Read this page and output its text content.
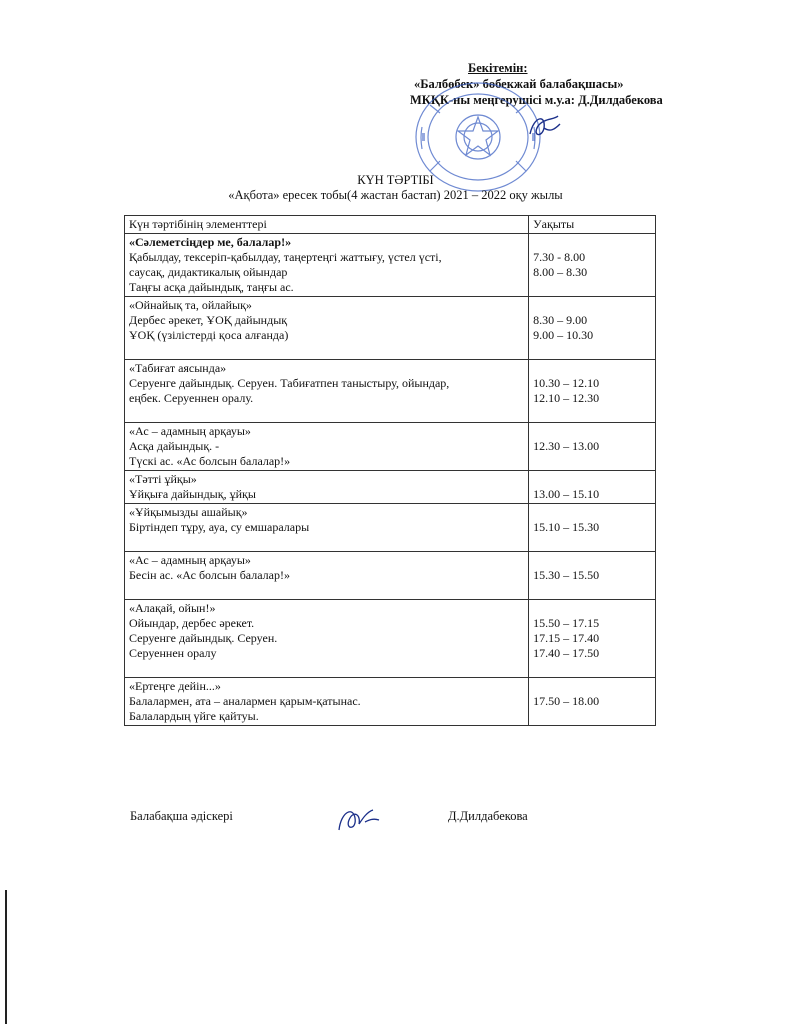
Бекітемін:
«Балбөбек» бөбекжай балабақшасы»
МКҚК-ны меңгерушісі м.у.а: Д.Дилдабекова
КҮН ТӘРТІБІ
«Ақбота» ересек тобы(4 жастан бастап) 2021 – 2022 оқу жылы
Күн тәртібінің элементтері	Уақыты

«Сәлеметсіңдер ме, балалар!»
Қабылдау, тексеріп-қабылдау, таңертеңгі жаттығу, үстел үсті,
саусақ, дидактикалық ойындар
Таңғы асқа дайындық, таңғы ас.	7.30 - 8.00
8.00 – 8.30

«Ойнайық та, ойлайық»
Дербес әрекет, ҰОҚ дайындық
ҰОҚ (үзілістерді қоса алғанда)	8.30 – 9.00
9.00 – 10.30

«Табиғат аясында»
Серуенге дайындық. Серуен. Табиғатпен таныстыру, ойындар,
еңбек. Серуеннен оралу.	10.30 – 12.10
12.10 – 12.30

«Ас – адамның арқауы»
Асқа дайындық. -
Түскі ас. «Ас болсын балалар!»	12.30 – 13.00

«Тәтті ұйқы»
Ұйқыға дайындық, ұйқы	13.00 – 15.10

«Ұйқымызды ашайық»
Біртіндеп тұру, ауа, су емшаралары	15.10 – 15.30

«Ас – адамның арқауы»
Бесін ас. «Ас болсын балалар!»	15.30 – 15.50

«Алақай, ойын!»
Ойындар, дербес әрекет.
Серуенге дайындық. Серуен.
Серуеннен оралу	15.50 – 17.15
17.15 – 17.40
17.40 – 17.50

«Ертеңге дейін...»
Балалармен, ата – аналармен қарым-қатынас.
Балалардың үйге қайтуы.	17.50 – 18.00
Балабақша әдіскері	Д.Дилдабекова
